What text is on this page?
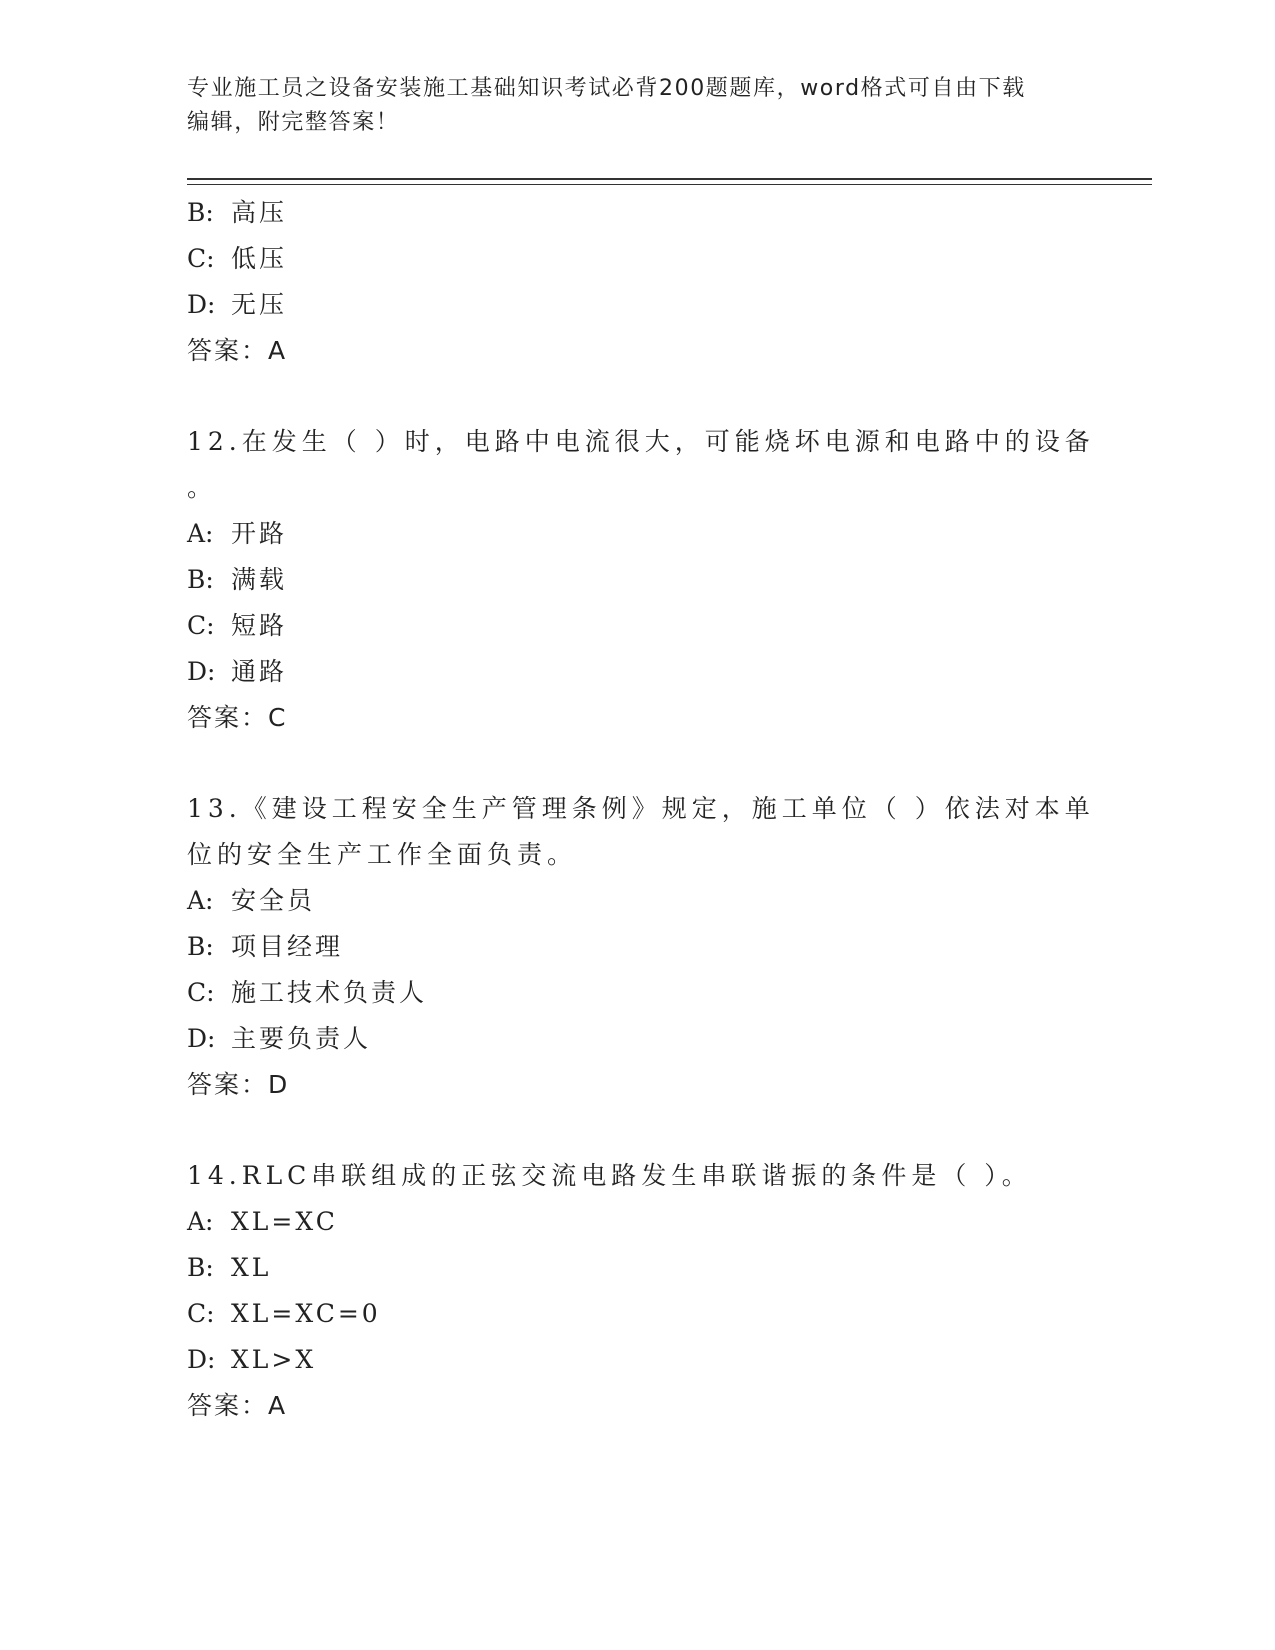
专业施工员之设备安装施工基础知识考试必背200题题库，word格式可自由下载
编辑，附完整答案！
B: 高压
C: 低压
D: 无压
答案：A
12.在发生（ ）时，电路中电流很大，可能烧坏电源和电路中的设备
。
A: 开路
B: 满载
C: 短路
D: 通路
答案：C
13.《建设工程安全生产管理条例》规定，施工单位（ ）依法对本单
位的安全生产工作全面负责。
A: 安全员
B: 项目经理
C: 施工技术负责人
D: 主要负责人
答案：D
14.RLC串联组成的正弦交流电路发生串联谐振的条件是（ ）。
A: XL=XC
B: XL
C: XL=XC=0
D: XL>X
答案：A
